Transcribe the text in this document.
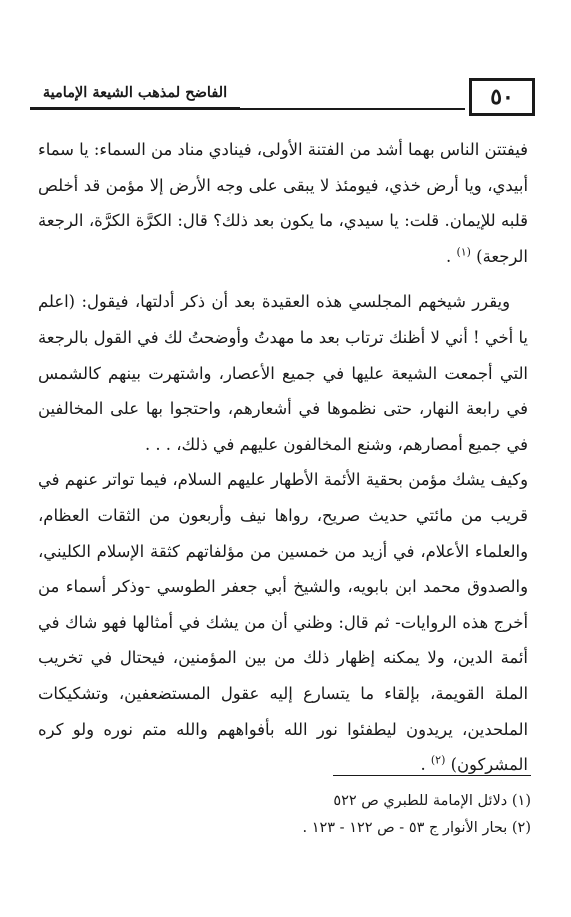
٥٠
الفاضح لمذهب الشيعة الإمامية

فيفتتن الناس بهما أشد من الفتنة الأولى، فينادي مناد من السماء: يا سماء أبيدي، ويا أرض خذي، فيومئذ لا يبقى على وجه الأرض إلا مؤمن قد أخلص قلبه للإيمان. قلت: يا سيدي، ما يكون بعد ذلك؟ قال: الكرَّة الكرَّة، الرجعة الرجعة) $^{(١)}$ .

ويقرر شيخهم المجلسي هذه العقيدة بعد أن ذكر أدلتها، فيقول: (اعلم يا أخي ! أني لا أظنك ترتاب بعد ما مهدتُ وأوضحتُ لك في القول بالرجعة التي أجمعت الشيعة عليها في جميع الأعصار، واشتهرت بينهم كالشمس في رابعة النهار، حتى نظموها في أشعارهم، واحتجوا بها على المخالفين في جميع أمصارهم، وشنع المخالفون عليهم في ذلك، . . .

وكيف يشك مؤمن بحقية الأئمة الأطهار عليهم السلام، فيما تواتر عنهم في قريب من مائتي حديث صريح، رواها نيف وأربعون من الثقات العظام، والعلماء الأعلام، في أزيد من خمسين من مؤلفاتهم كثقة الإسلام الكليني، والصدوق محمد ابن بابويه، والشيخ أبي جعفر الطوسي -وذكر أسماء من أخرج هذه الروايات- ثم قال: وظني أن من يشك في أمثالها فهو شاك في أئمة الدين، ولا يمكنه إظهار ذلك من بين المؤمنين، فيحتال في تخريب الملة القويمة، بإلقاء ما يتسارع إليه عقول المستضعفين، وتشكيكات الملحدين، يريدون ليطفئوا نور الله بأفواههم والله متم نوره ولو كره المشركون) $^{(٢)}$ .

(١) دلائل الإمامة للطبري ص ٥٢٢

(٢) بحار الأنوار ج ٥٣ - ص ١٢٢ - ١٢٣ .
